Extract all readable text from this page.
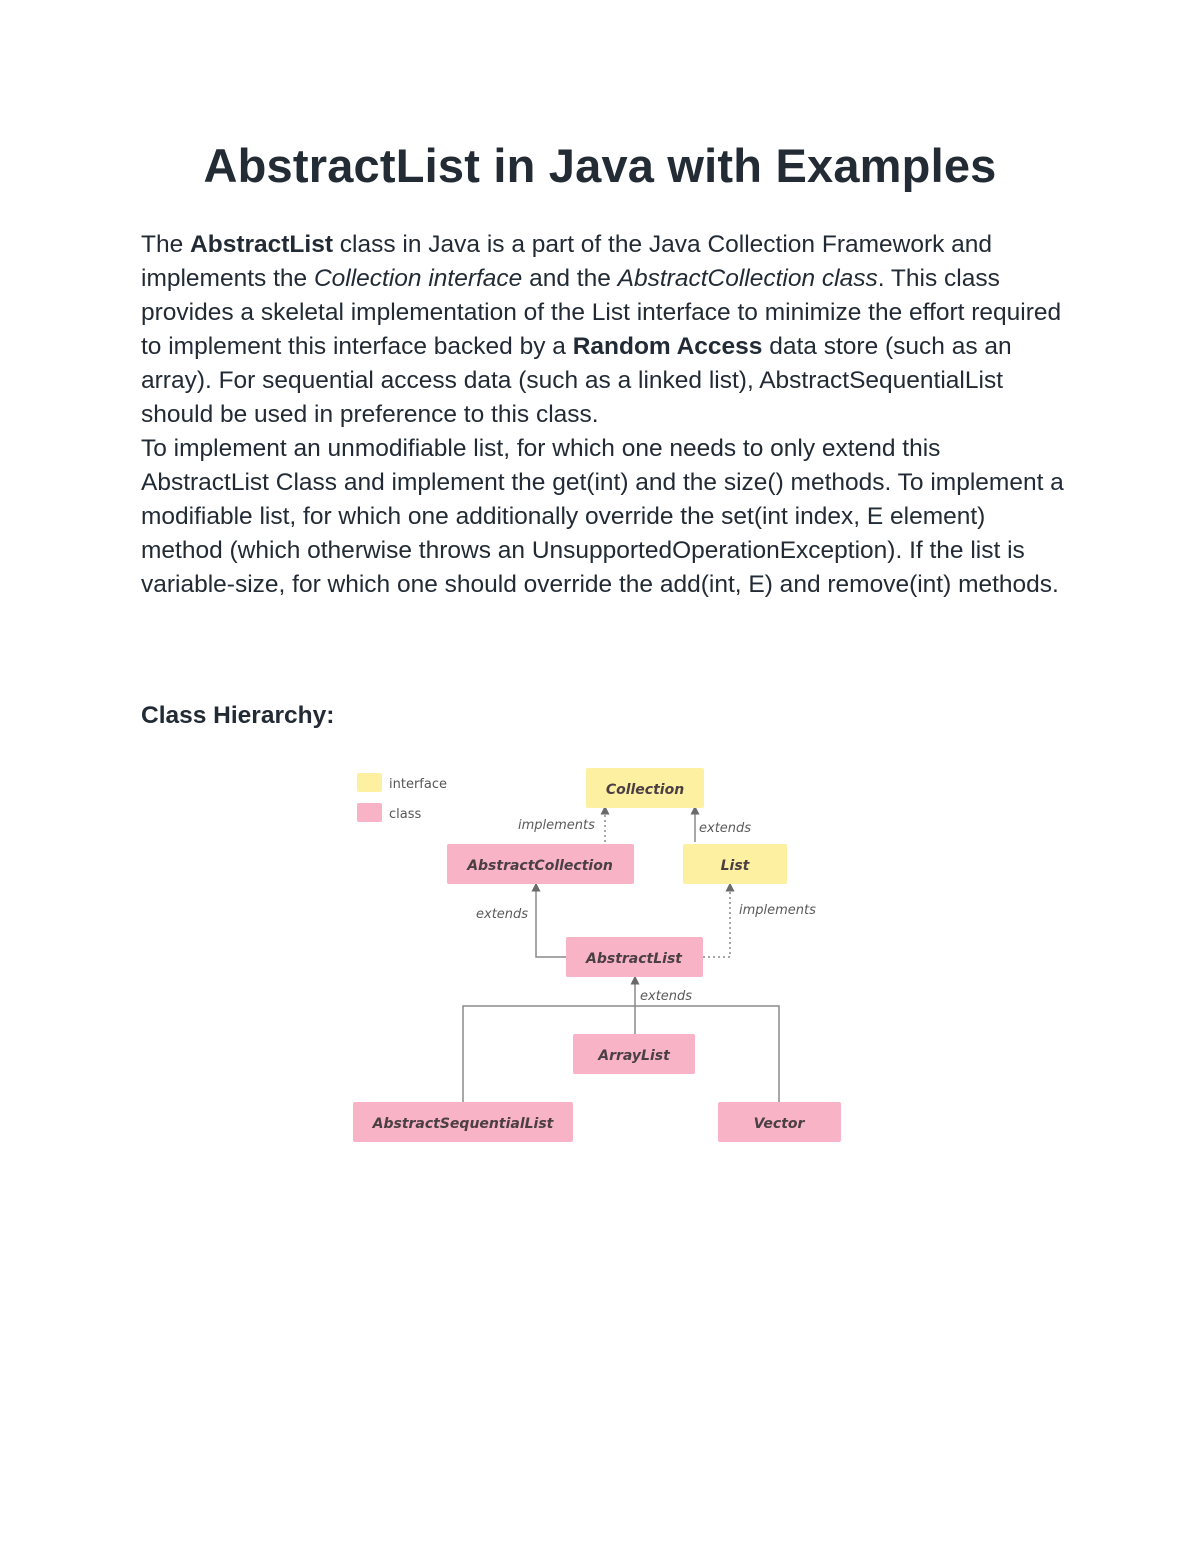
AbstractList in Java with Examples

The AbstractList class in Java is a part of the Java Collection Framework and implements the Collection interface and the AbstractCollection class. This class provides a skeletal implementation of the List interface to minimize the effort required to implement this interface backed by a Random Access data store (such as an array). For sequential access data (such as a linked list), AbstractSequentialList should be used in preference to this class.

To implement an unmodifiable list, for which one needs to only extend this AbstractList Class and implement the get(int) and the size() methods. To implement a modifiable list, for which one additionally override the set(int index, E element) method (which otherwise throws an UnsupportedOperationException). If the list is variable-size, for which one should override the add(int, E) and remove(int) methods.

Class Hierarchy:
interface
class
implements	extends
extends	implements
extends
Collection
AbstractCollection	List
AbstractList
ArrayList
AbstractSequentialList	Vector
